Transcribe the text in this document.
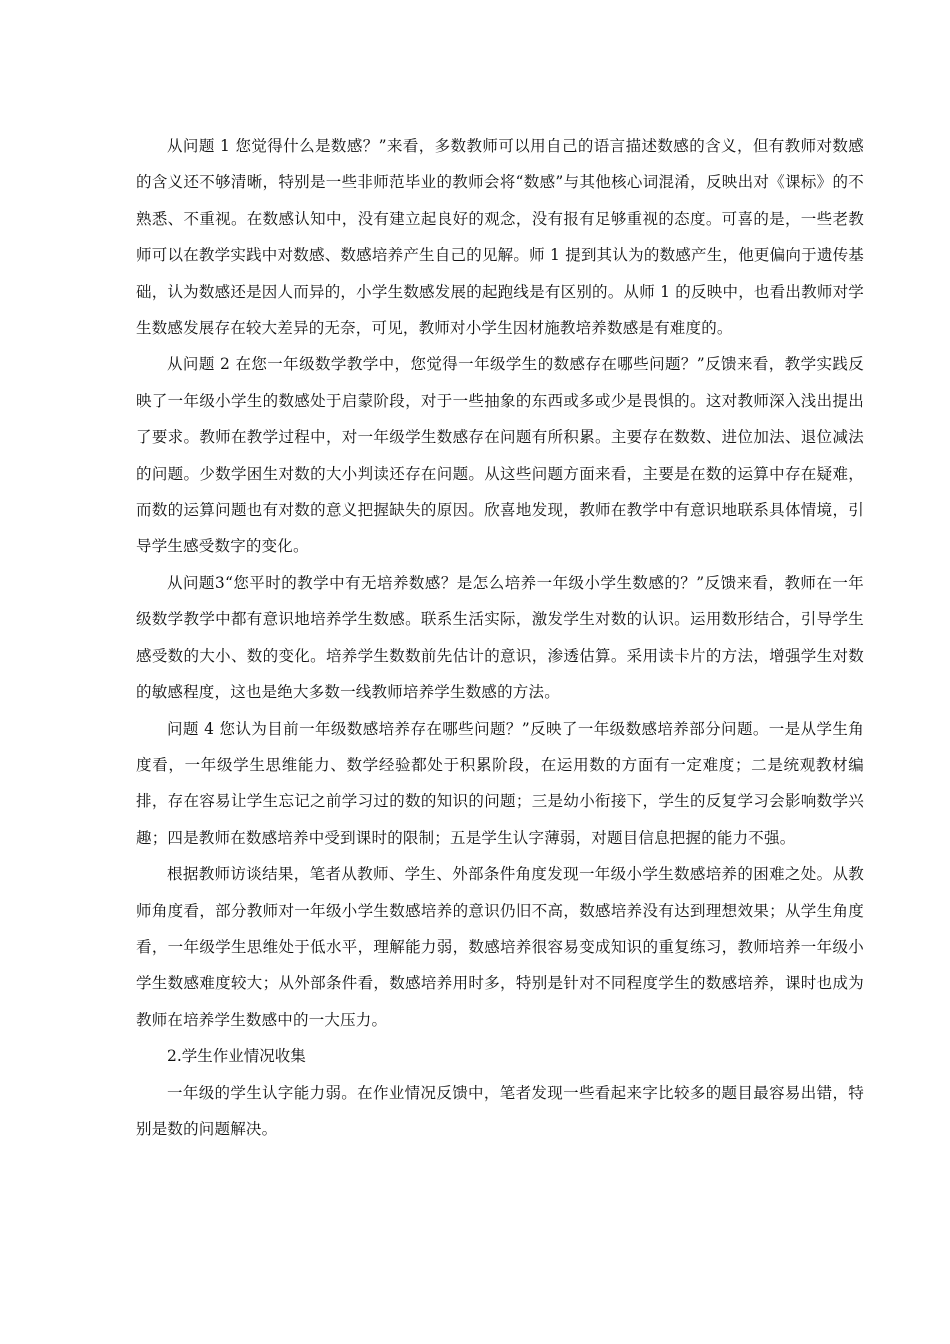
从问题 1 您觉得什么是数感？”来看，多数教师可以用自己的语言描述数感的含义，但有教师对数感的含义还不够清晰，特别是一些非师范毕业的教师会将“数感”与其他核心词混淆，反映出对《课标》的不熟悉、不重视。在数感认知中，没有建立起良好的观念，没有报有足够重视的态度。可喜的是，一些老教师可以在教学实践中对数感、数感培养产生自己的见解。师 1 提到其认为的数感产生，他更偏向于遗传基础，认为数感还是因人而异的，小学生数感发展的起跑线是有区别的。从师 1 的反映中，也看出教师对学生数感发展存在较大差异的无奈，可见，教师对小学生因材施教培养数感是有难度的。

从问题 2 在您一年级数学教学中，您觉得一年级学生的数感存在哪些问题？”反馈来看，教学实践反映了一年级小学生的数感处于启蒙阶段，对于一些抽象的东西或多或少是畏惧的。这对教师深入浅出提出了要求。教师在教学过程中，对一年级学生数感存在问题有所积累。主要存在数数、进位加法、退位减法的问题。少数学困生对数的大小判读还存在问题。从这些问题方面来看，主要是在数的运算中存在疑难，而数的运算问题也有对数的意义把握缺失的原因。欣喜地发现，教师在教学中有意识地联系具体情境，引导学生感受数字的变化。

从问题3“您平时的教学中有无培养数感？是怎么培养一年级小学生数感的？”反馈来看，教师在一年级数学教学中都有意识地培养学生数感。联系生活实际，激发学生对数的认识。运用数形结合，引导学生感受数的大小、数的变化。培养学生数数前先估计的意识，渗透估算。采用读卡片的方法，增强学生对数的敏感程度，这也是绝大多数一线教师培养学生数感的方法。

问题 4 您认为目前一年级数感培养存在哪些问题？”反映了一年级数感培养部分问题。一是从学生角度看，一年级学生思维能力、数学经验都处于积累阶段，在运用数的方面有一定难度；二是统观教材编排，存在容易让学生忘记之前学习过的数的知识的问题；三是幼小衔接下，学生的反复学习会影响数学兴趣；四是教师在数感培养中受到课时的限制；五是学生认字薄弱，对题目信息把握的能力不强。

根据教师访谈结果，笔者从教师、学生、外部条件角度发现一年级小学生数感培养的困难之处。从教师角度看，部分教师对一年级小学生数感培养的意识仍旧不高，数感培养没有达到理想效果；从学生角度看，一年级学生思维处于低水平，理解能力弱，数感培养很容易变成知识的重复练习，教师培养一年级小学生数感难度较大；从外部条件看，数感培养用时多，特别是针对不同程度学生的数感培养，课时也成为教师在培养学生数感中的一大压力。

2.学生作业情况收集

一年级的学生认字能力弱。在作业情况反馈中，笔者发现一些看起来字比较多的题目最容易出错，特别是数的问题解决。
